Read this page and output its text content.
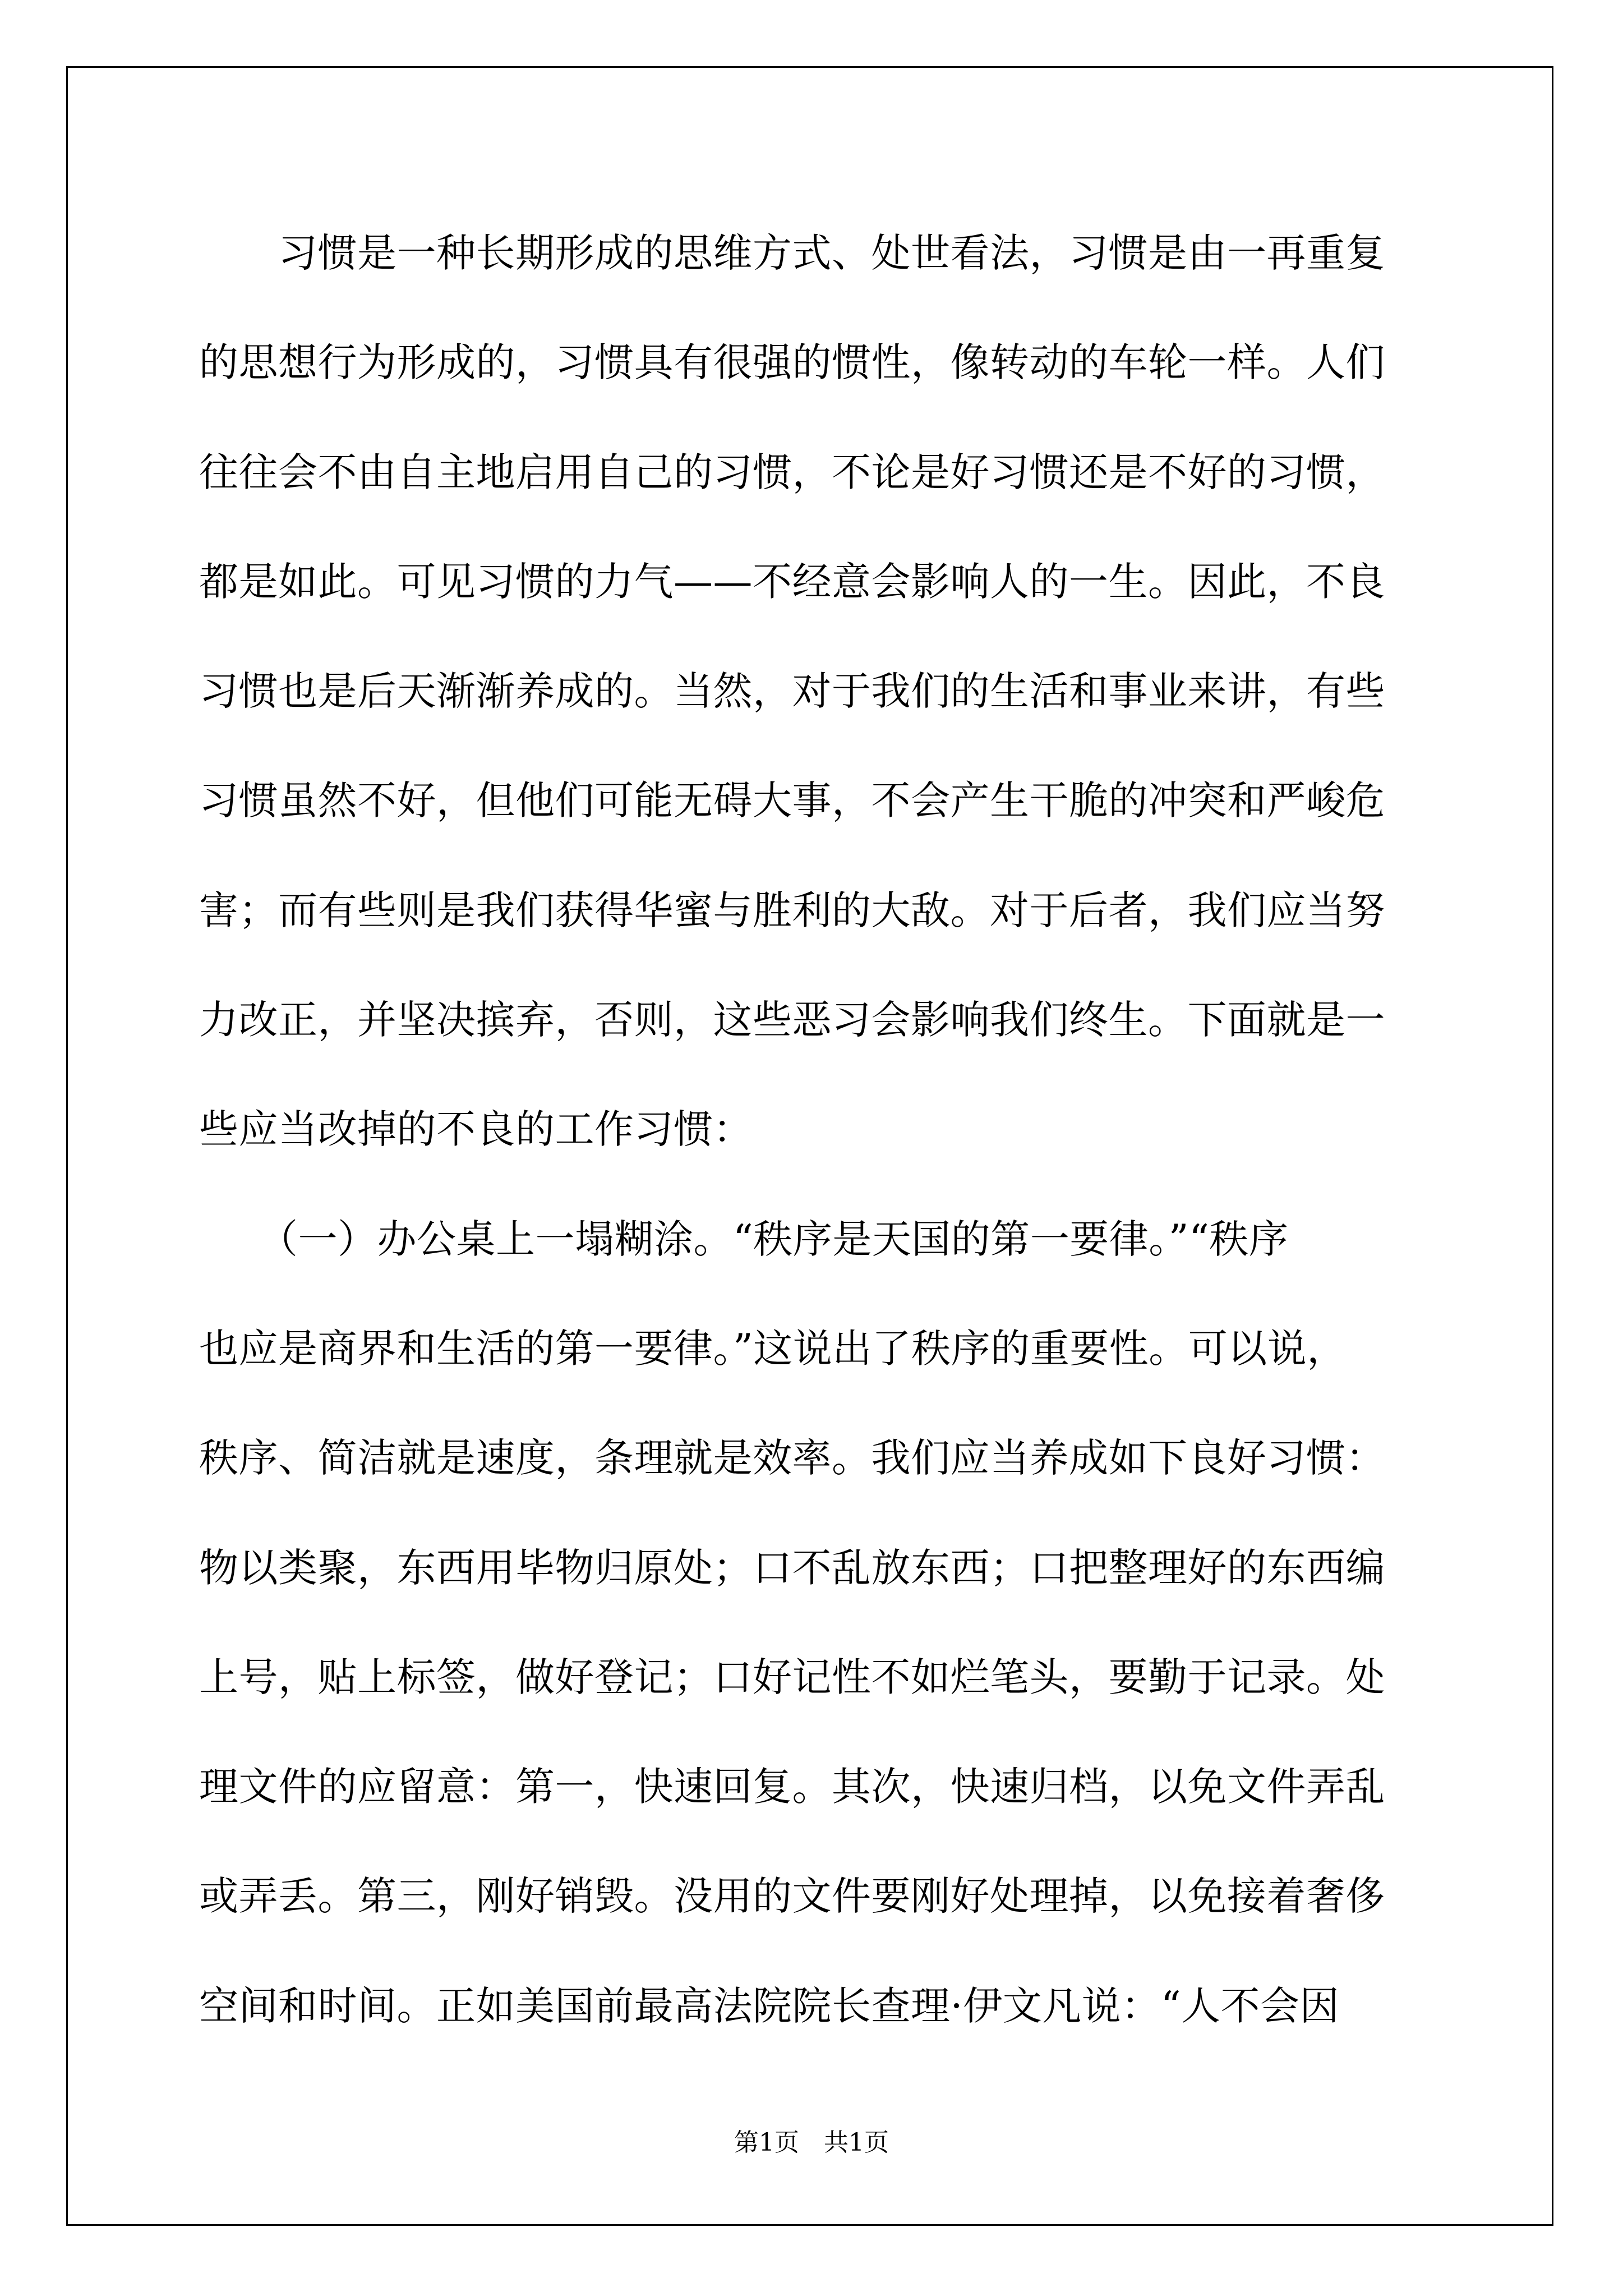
　　习惯是一种长期形成的思维方式、处世看法，习惯是由一再重复
的思想行为形成的，习惯具有很强的惯性，像转动的车轮一样。人们
往往会不由自主地启用自己的习惯，不论是好习惯还是不好的习惯，
都是如此。可见习惯的力气——不经意会影响人的一生。因此，不良
习惯也是后天渐渐养成的。当然，对于我们的生活和事业来讲，有些
习惯虽然不好，但他们可能无碍大事，不会产生干脆的冲突和严峻危
害；而有些则是我们获得华蜜与胜利的大敌。对于后者，我们应当努
力改正，并坚决摈弃，否则，这些恶习会影响我们终生。下面就是一
些应当改掉的不良的工作习惯：
　　（一）办公桌上一塌糊涂。“秩序是天国的第一要律。”“秩序
也应是商界和生活的第一要律。”这说出了秩序的重要性。可以说，
秩序、简洁就是速度，条理就是效率。我们应当养成如下良好习惯：
物以类聚，东西用毕物归原处；口不乱放东西；口把整理好的东西编
上号，贴上标签，做好登记；口好记性不如烂笔头，要勤于记录。处
理文件的应留意：第一，快速回复。其次，快速归档，以免文件弄乱
或弄丢。第三，刚好销毁。没用的文件要刚好处理掉，以免接着奢侈
空间和时间。正如美国前最高法院院长查理·伊文凡说：“人不会因
第1页　共1页
